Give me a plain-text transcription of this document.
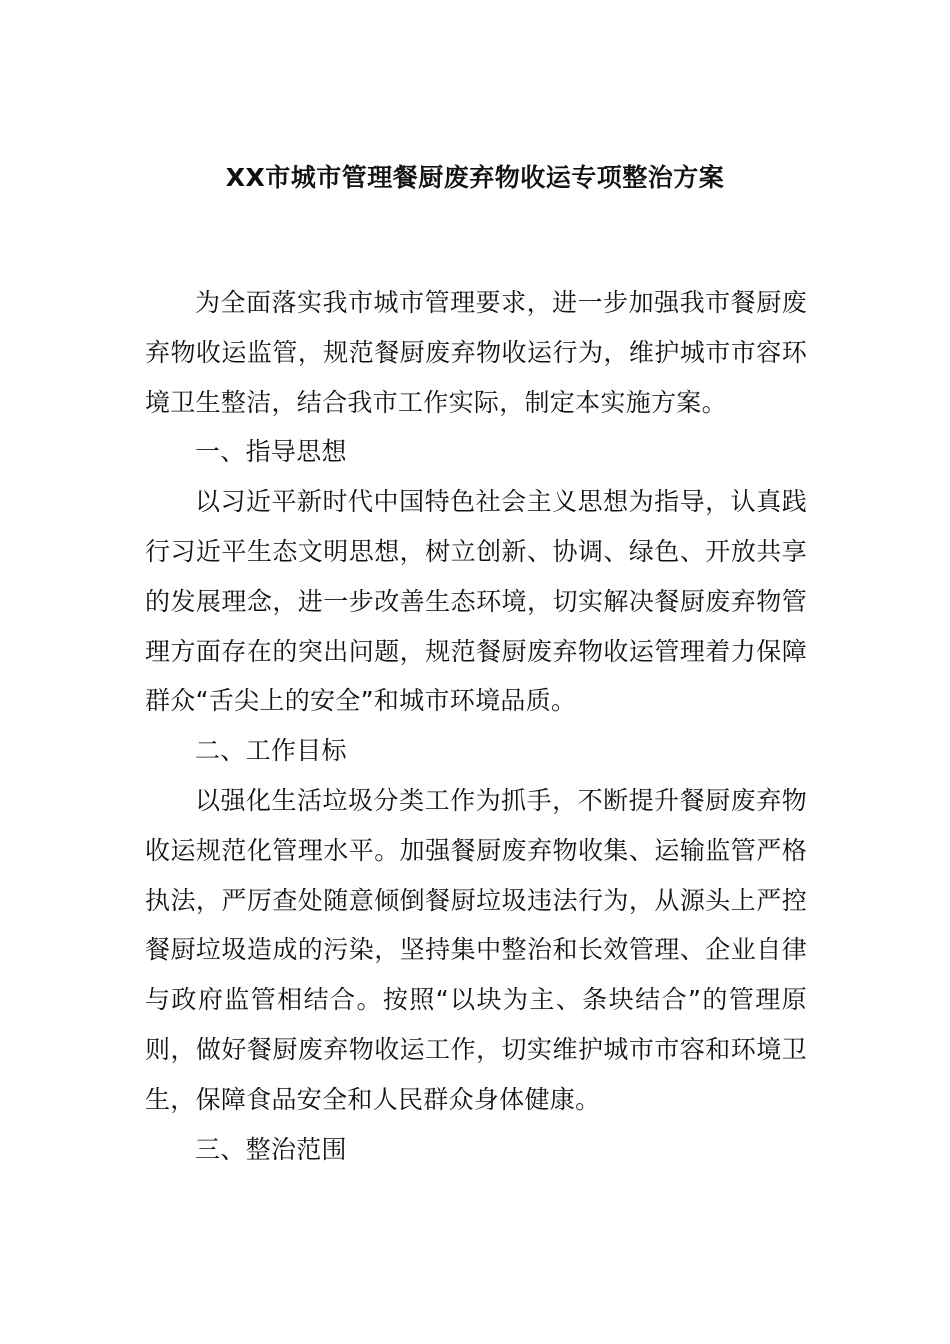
XX市城市管理餐厨废弃物收运专项整治方案

为全面落实我市城市管理要求，进一步加强我市餐厨废弃物收运监管，规范餐厨废弃物收运行为，维护城市市容环境卫生整洁，结合我市工作实际，制定本实施方案。

一、指导思想

以习近平新时代中国特色社会主义思想为指导，认真践行习近平生态文明思想，树立创新、协调、绿色、开放共享的发展理念，进一步改善生态环境，切实解决餐厨废弃物管理方面存在的突出问题，规范餐厨废弃物收运管理着力保障群众“舌尖上的安全”和城市环境品质。

二、工作目标

以强化生活垃圾分类工作为抓手，不断提升餐厨废弃物收运规范化管理水平。加强餐厨废弃物收集、运输监管严格执法，严厉查处随意倾倒餐厨垃圾违法行为，从源头上严控餐厨垃圾造成的污染，坚持集中整治和长效管理、企业自律与政府监管相结合。按照“以块为主、条块结合”的管理原则，做好餐厨废弃物收运工作，切实维护城市市容和环境卫生，保障食品安全和人民群众身体健康。

三、整治范围
